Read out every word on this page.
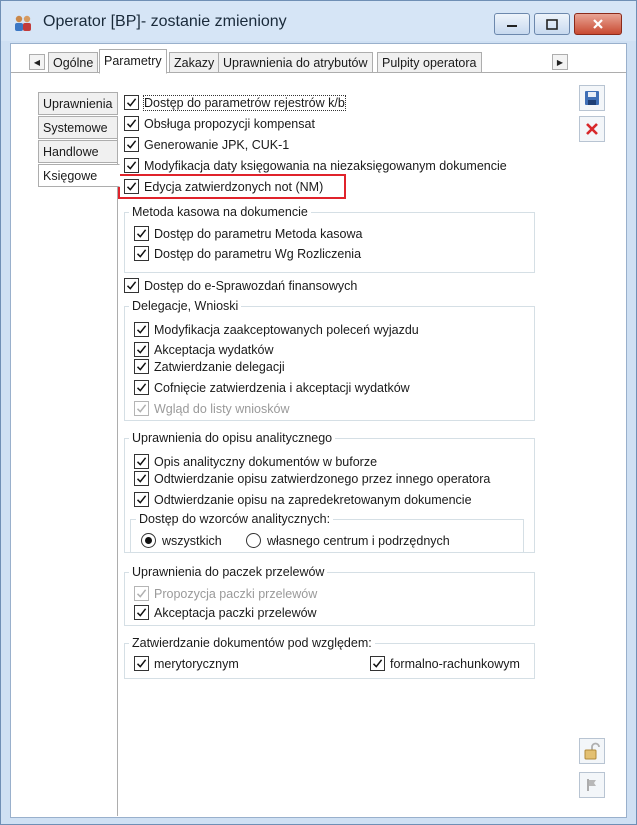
Operator [BP]- zostanie zmieniony
◀	Ogólne Parametry Zakazy Uprawnienia do atrybutów	Pulpity operatora	▶
Uprawnienia
Systemowe
Handlowe
Księgowe
Dostęp do parametrów rejestrów k/b
Obsługa propozycji kompensat
Generowanie JPK, CUK-1
Modyfikacja daty księgowania na niezaksięgowanym dokumencie
Edycja zatwierdzonych not (NM)
Metoda kasowa na dokumencie
Dostęp do parametru Metoda kasowa
Dostęp do parametru Wg Rozliczenia
Dostęp do e-Sprawozdań finansowych
Delegacje, Wnioski
Modyfikacja zaakceptowanych poleceń wyjazdu
Akceptacja wydatków
Zatwierdzanie delegacji
Cofnięcie zatwierdzenia i akceptacji wydatków
Wgląd do listy wniosków
Uprawnienia do opisu analitycznego
Opis analityczny dokumentów w buforze
Odtwierdzanie opisu zatwierdzonego przez innego operatora
Odtwierdzanie opisu na zapredekretowanym dokumencie
Dostęp do wzorców analitycznych:
wszystkich	własnego centrum i podrzędnych
Uprawnienia do paczek przelewów
Propozycja paczki przelewów
Akceptacja paczki przelewów
Zatwierdzanie dokumentów pod względem:
merytorycznym	formalno-rachunkowym
